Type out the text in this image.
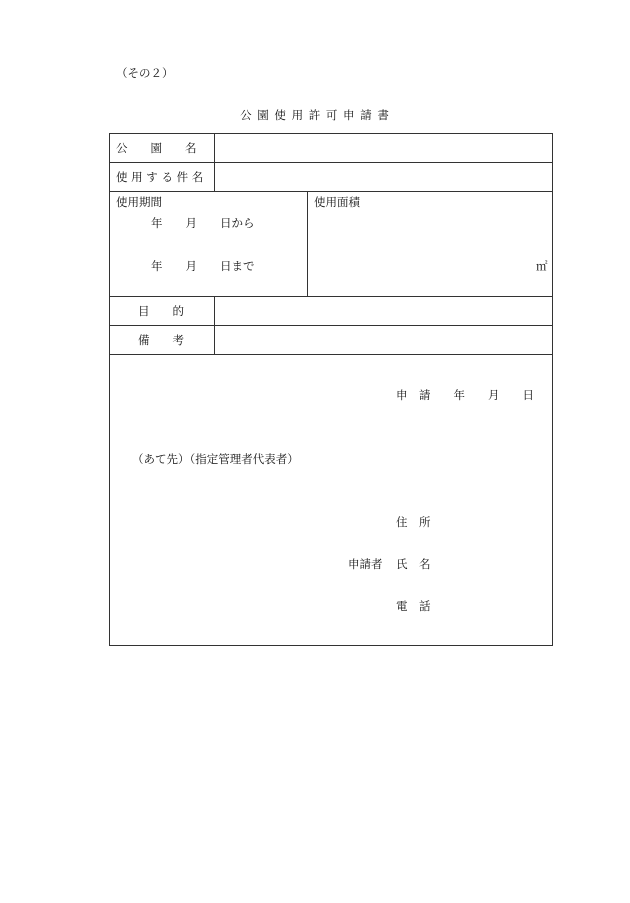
（その２）
公 園 使 用 許 可 申 請 書
公　　園　　名
使 用 す る 件 名
使用期間
年　　月　　日から
年　　月　　日まで
使用面積
㎡
目　　的
備　　考
申　請　　年　　月　　日
（あて先）（指定管理者代表者）
住　所
申請者 氏　名
電　話
